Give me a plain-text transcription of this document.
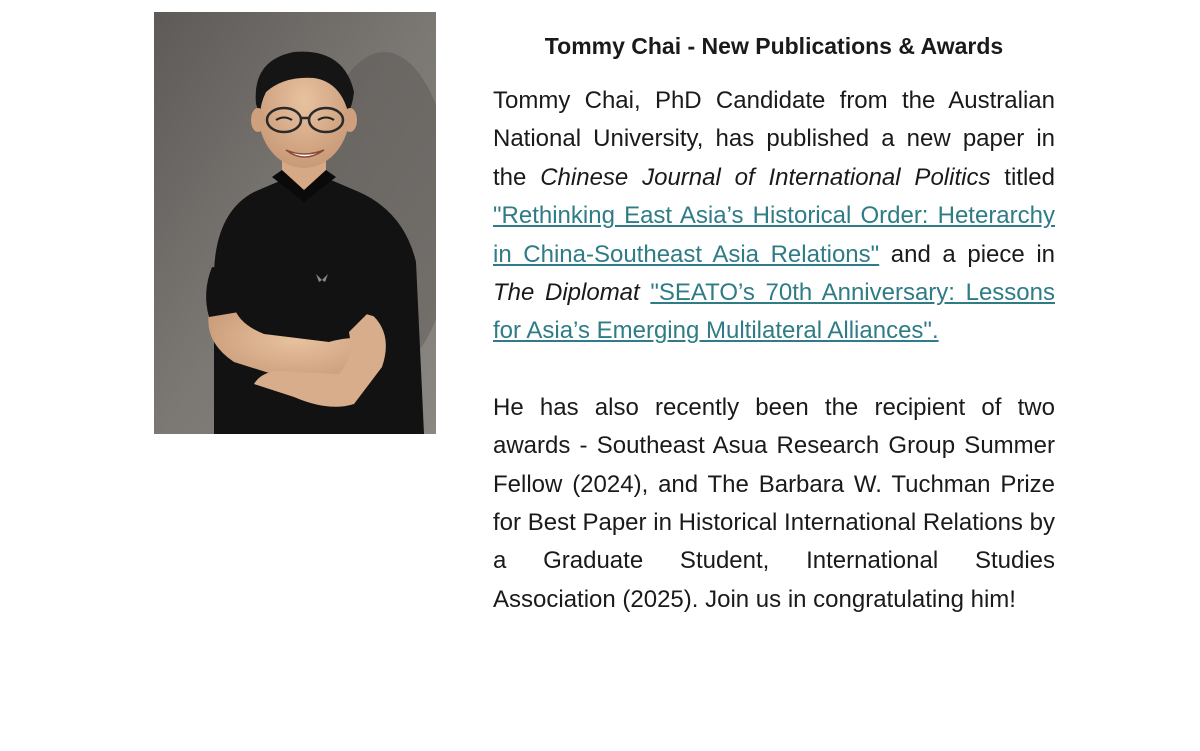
Tommy Chai - New Publications & Awards

Tommy Chai, PhD Candidate from the Australian National University, has published a new paper in the Chinese Journal of International Politics titled "Rethinking East Asia’s Historical Order: Heterarchy in China-Southeast Asia Relations" and a piece in The Diplomat "SEATO’s 70th Anniversary: Lessons for Asia’s Emerging Multilateral Alliances".

He has also recently been the recipient of two awards - Southeast Asua Research Group Summer Fellow (2024), and The Barbara W. Tuchman Prize for Best Paper in Historical International Relations by a Graduate Student, International Studies Association (2025). Join us in congratulating him!
